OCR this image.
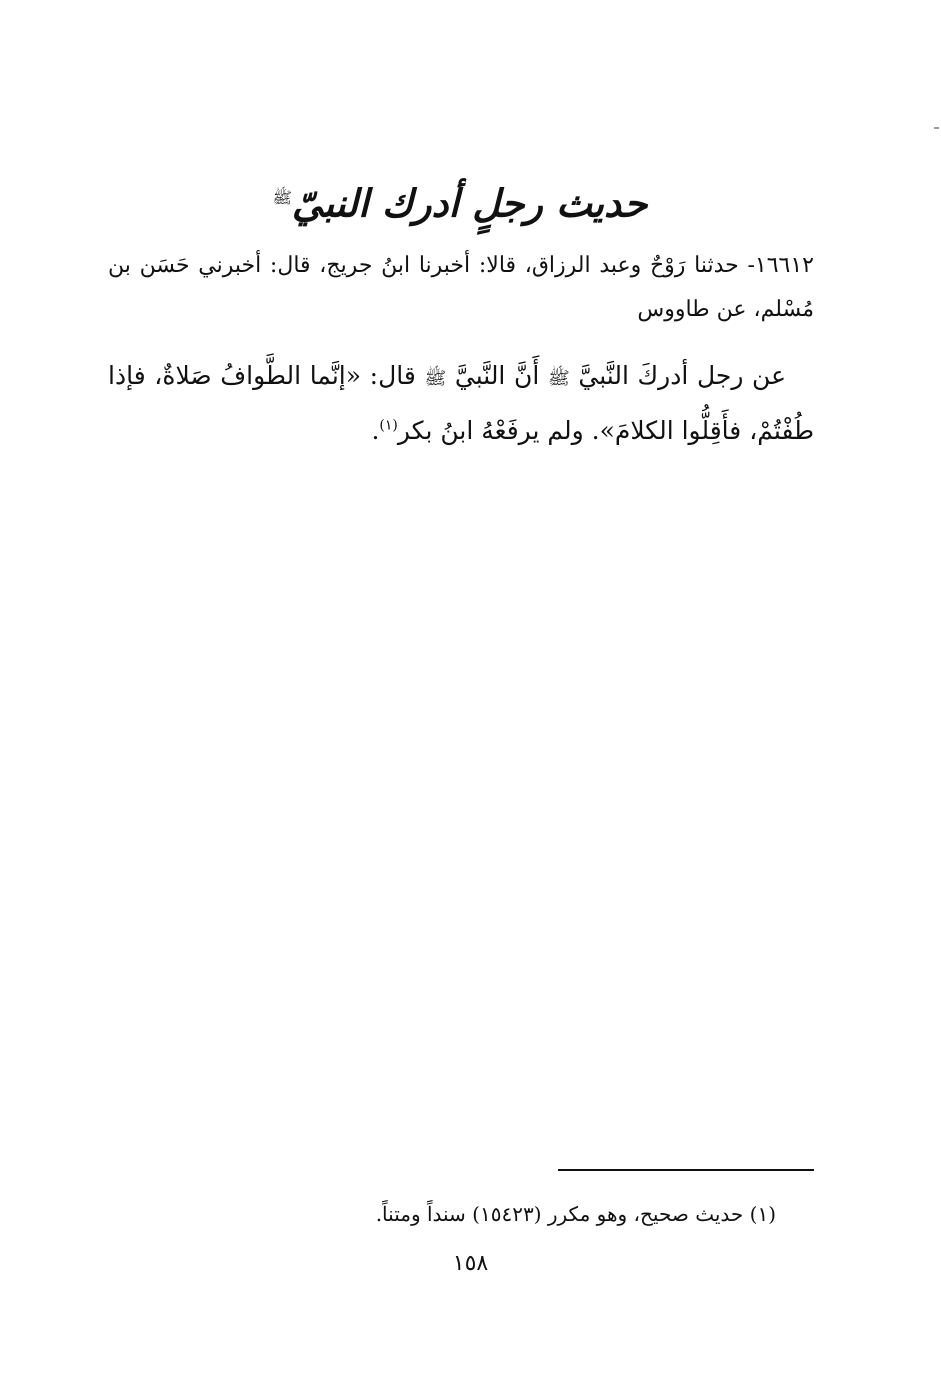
حديث رجلٍ أدرك النبيّ$^ﷺ$
١٦٦١٢- حدثنا رَوْحٌ وعبد الرزاق، قالا: أخبرنا ابنُ جريج، قال: أخبرني حَسَن بن مُسْلم، عن طاووس
عن رجل أدركَ النَّبيَّ ﷺ أَنَّ النَّبيَّ ﷺ قال: «إنَّما الطَّوافُ صَلاةٌ، فإذا طُفْتُمْ، فأَقِلُّوا الكلامَ». ولم يرفَعْهُ ابنُ بكر$^{(١)}$.
(١) حديث صحيح، وهو مكرر (١٥٤٢٣) سنداً ومتناً.
١٥٨
